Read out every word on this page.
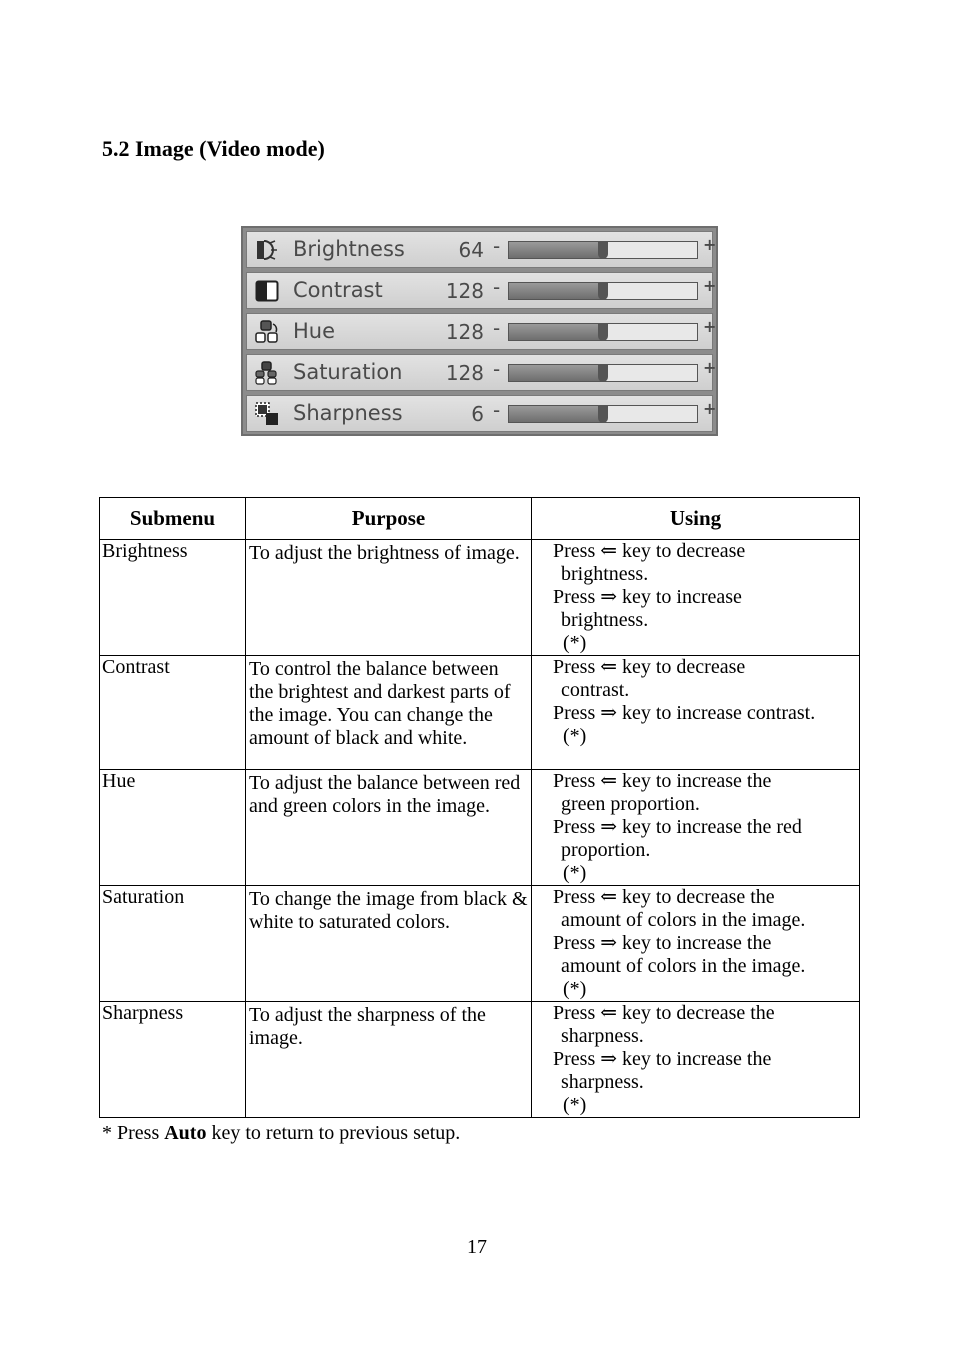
5.2 Image (Video mode)
Brightness	64 -	+
Contrast	128 -	+
Hue	128 -	+
Saturation 128 -	+
Sharpness	6 -	+
Submenu	Purpose	Using

Brightness	To adjust the brightness of image.	Press ⇐ key to decrease

brightness.

Press ⇒ key to increase

brightness.

(*)

Contrast	To control the balance between the brightest and darkest parts of the image. You can change the amount of black and white.	Press ⇐ key to decrease

contrast.

Press ⇒ key to increase contrast.

(*)

Hue	To adjust the balance between red and green colors in the image.	Press ⇐ key to increase the

green proportion.

Press ⇒ key to increase the red

proportion.

(*)

Saturation	To change the image from black & white to saturated colors.	Press ⇐ key to decrease the

amount of colors in the image.

Press ⇒ key to increase the

amount of colors in the image.

(*)

Sharpness	To adjust the sharpness of the image.	Press ⇐ key to decrease the

sharpness.

Press ⇒ key to increase the

sharpness.

(*)

* Press Auto key to return to previous setup.
17
